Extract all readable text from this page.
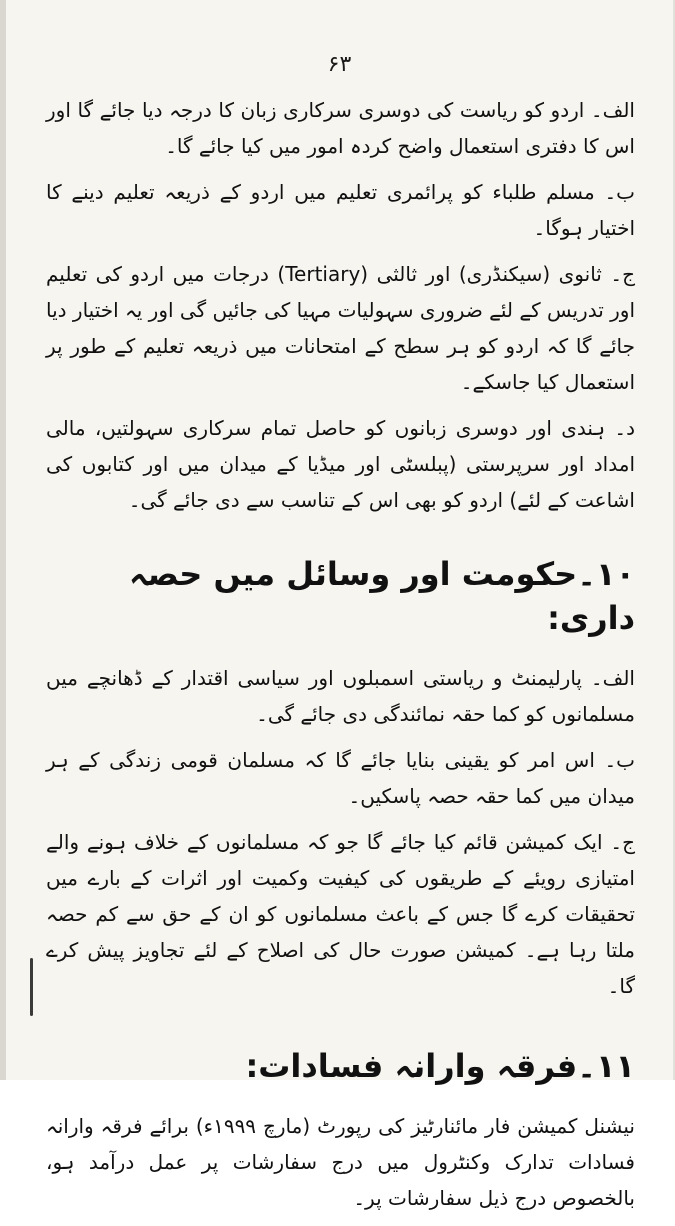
۶۳

الف۔ اردو کو ریاست کی دوسری سرکاری زبان کا درجہ دیا جائے گا اور اس کا دفتری استعمال واضح کردہ امور میں کیا جائے گا۔

ب۔ مسلم طلباء کو پرائمری تعلیم میں اردو کے ذریعہ تعلیم دینے کا اختیار ہوگا۔

ج۔ ثانوی (سیکنڈری) اور ثالثی (Tertiary) درجات میں اردو کی تعلیم اور تدریس کے لئے ضروری سہولیات مہیا کی جائیں گی اور یہ اختیار دیا جائے گا کہ اردو کو ہر سطح کے امتحانات میں ذریعہ تعلیم کے طور پر استعمال کیا جاسکے۔

د۔ ہندی اور دوسری زبانوں کو حاصل تمام سرکاری سہولتیں، مالی امداد اور سرپرستی (پبلسٹی اور میڈیا کے میدان میں اور کتابوں کی اشاعت کے لئے) اردو کو بھی اس کے تناسب سے دی جائے گی۔

۱۰۔حکومت اور وسائل میں حصہ داری:

الف۔ پارلیمنٹ و ریاستی اسمبلوں اور سیاسی اقتدار کے ڈھانچے میں مسلمانوں کو کما حقہ نمائندگی دی جائے گی۔

ب۔ اس امر کو یقینی بنایا جائے گا کہ مسلمان قومی زندگی کے ہر میدان میں کما حقہ حصہ پاسکیں۔

ج۔ ایک کمیشن قائم کیا جائے گا جو کہ مسلمانوں کے خلاف ہونے والے امتیازی رویئے کے طریقوں کی کیفیت وکمیت اور اثرات کے بارے میں تحقیقات کرے گا جس کے باعث مسلمانوں کو ان کے حق سے کم حصہ ملتا رہا ہے۔ کمیشن صورت حال کی اصلاح کے لئے تجاویز پیش کرے گا۔

۱۱۔فرقہ وارانہ فسادات:

نیشنل کمیشن فار مائنارٹیز کی رپورٹ (مارچ ۱۹۹۹ء) برائے فرقہ وارانہ فسادات تدارک وکنٹرول میں درج سفارشات پر عمل درآمد ہو، بالخصوص درج ذیل سفارشات پر۔
